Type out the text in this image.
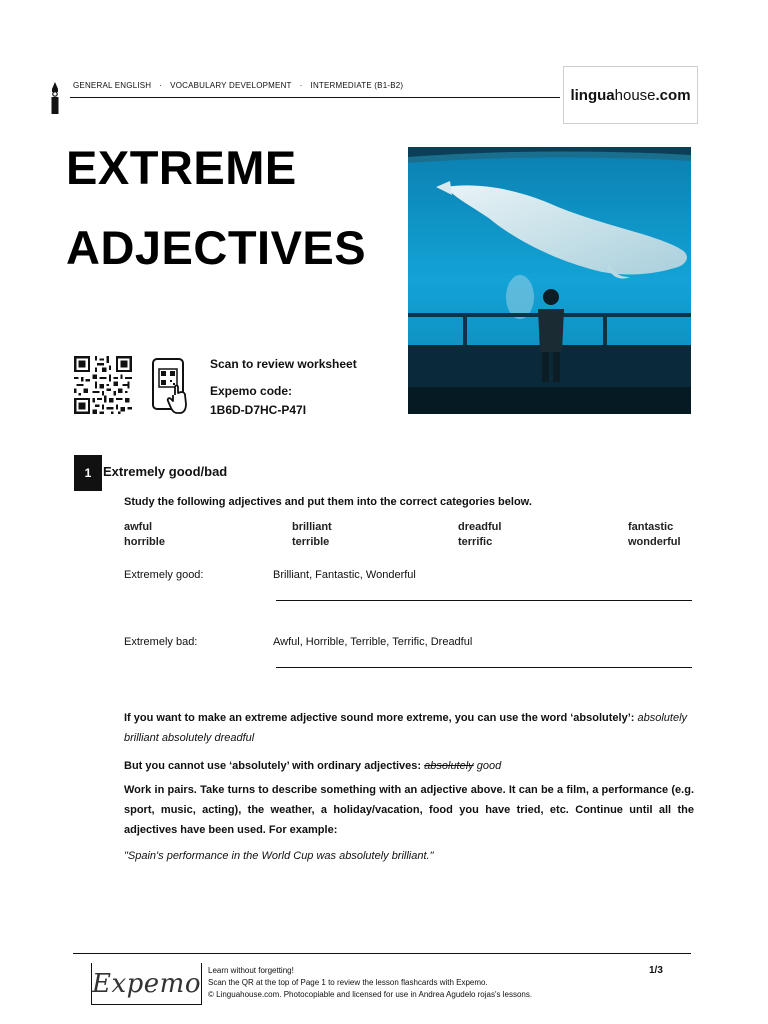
GENERAL ENGLISH · VOCABULARY DEVELOPMENT · INTERMEDIATE (B1-B2)
linguahouse.com
EXTREME
ADJECTIVES
Scan to review worksheet
Expemo code:
1B6D-D7HC-P47I
1 Extremely good/bad
Study the following adjectives and put them into the correct categories below.
awful
horrible
brilliant
terrible
dreadful
terrific
fantastic
wonderful
Extremely good:	Brilliant, Fantastic, Wonderful
Extremely bad:	Awful, Horrible, Terrible, Terrific, Dreadful
If you want to make an extreme adjective sound more extreme, you can use the word ‘absolutely’: absolutely brilliant absolutely dreadful
But you cannot use ‘absolutely’ with ordinary adjectives: absolutely good
Work in pairs. Take turns to describe something with an adjective above. It can be a film, a performance (e.g. sport, music, acting), the weather, a holiday/vacation, food you have tried, etc. Continue until all the adjectives have been used. For example:
"Spain's performance in the World Cup was absolutely brilliant."
Expemo Learn without forgetting!
Scan the QR at the top of Page 1 to review the lesson flashcards with Expemo.
© Linguahouse.com. Photocopiable and licensed for use in Andrea Agudelo rojas's lessons.
1/3
